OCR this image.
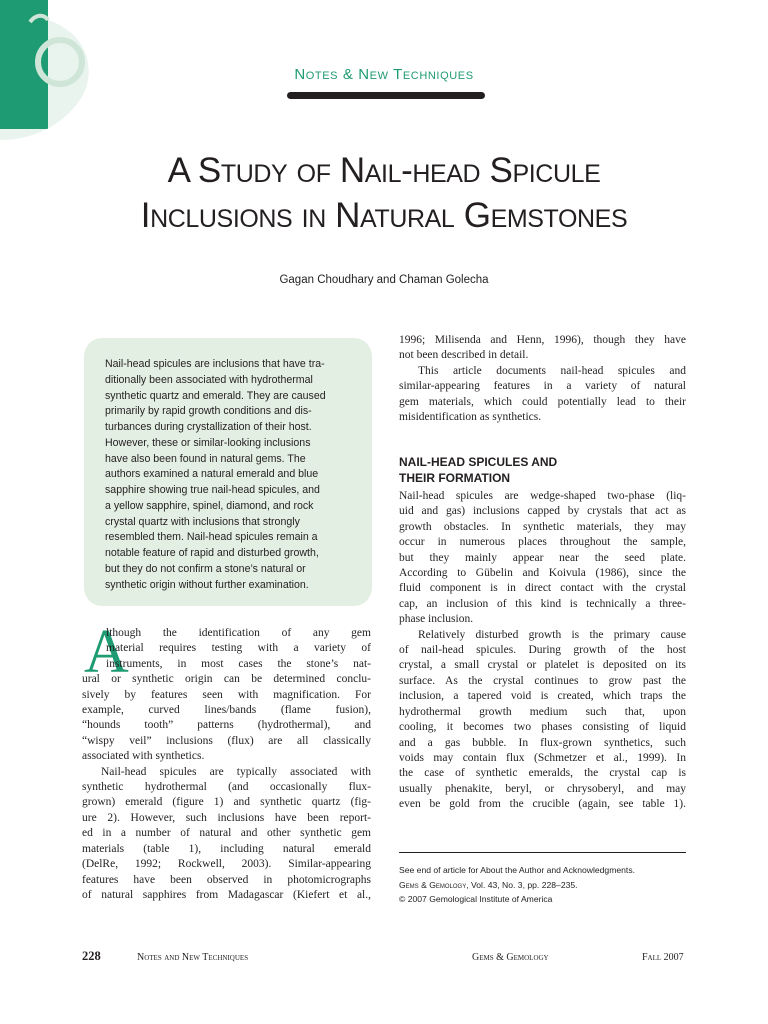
Notes & New Techniques
A Study of Nail-head Spicule
Inclusions in Natural Gemstones
Gagan Choudhary and Chaman Golecha
Nail-head spicules are inclusions that have tra-
ditionally been associated with hydrothermal
synthetic quartz and emerald. They are caused
primarily by rapid growth conditions and dis-
turbances during crystallization of their host.
However, these or similar-looking inclusions
have also been found in natural gems. The
authors examined a natural emerald and blue
sapphire showing true nail-head spicules, and
a yellow sapphire, spinel, diamond, and rock
crystal quartz with inclusions that strongly
resembled them. Nail-head spicules remain a
notable feature of rapid and disturbed growth,
but they do not confirm a stone’s natural or
synthetic origin without further examination.
A
lthough the identification of any gem
material requires testing with a variety of
instruments, in most cases the stone’s nat-
ural or synthetic origin can be determined conclu-
sively by features seen with magnification. For
example, curved lines/bands (flame fusion),
“hounds tooth” patterns (hydrothermal), and
“wispy veil” inclusions (flux) are all classically
associated with synthetics.
Nail-head spicules are typically associated with
synthetic hydrothermal (and occasionally flux-
grown) emerald (figure 1) and synthetic quartz (fig-
ure 2). However, such inclusions have been report-
ed in a number of natural and other synthetic gem
materials (table 1), including natural emerald
(DelRe, 1992; Rockwell, 2003). Similar-appearing
features have been observed in photomicrographs
of natural sapphires from Madagascar (Kiefert et al.,
1996; Milisenda and Henn, 1996), though they have
not been described in detail.
This article documents nail-head spicules and
similar-appearing features in a variety of natural
gem materials, which could potentially lead to their
misidentification as synthetics.
NAIL-HEAD SPICULES AND
THEIR FORMATION
Nail-head spicules are wedge-shaped two-phase (liq-
uid and gas) inclusions capped by crystals that act as
growth obstacles. In synthetic materials, they may
occur in numerous places throughout the sample,
but they mainly appear near the seed plate.
According to Gübelin and Koivula (1986), since the
fluid component is in direct contact with the crystal
cap, an inclusion of this kind is technically a three-
phase inclusion.
Relatively disturbed growth is the primary cause
of nail-head spicules. During growth of the host
crystal, a small crystal or platelet is deposited on its
surface. As the crystal continues to grow past the
inclusion, a tapered void is created, which traps the
hydrothermal growth medium such that, upon
cooling, it becomes two phases consisting of liquid
and a gas bubble. In flux-grown synthetics, such
voids may contain flux (Schmetzer et al., 1999). In
the case of synthetic emeralds, the crystal cap is
usually phenakite, beryl, or chrysoberyl, and may
even be gold from the crucible (again, see table 1).
See end of article for About the Author and Acknowledgments.
Gems & Gemology, Vol. 43, No. 3, pp. 228–235.
© 2007 Gemological Institute of America
228	Notes and New Techniques	Gems & Gemology	Fall 2007
